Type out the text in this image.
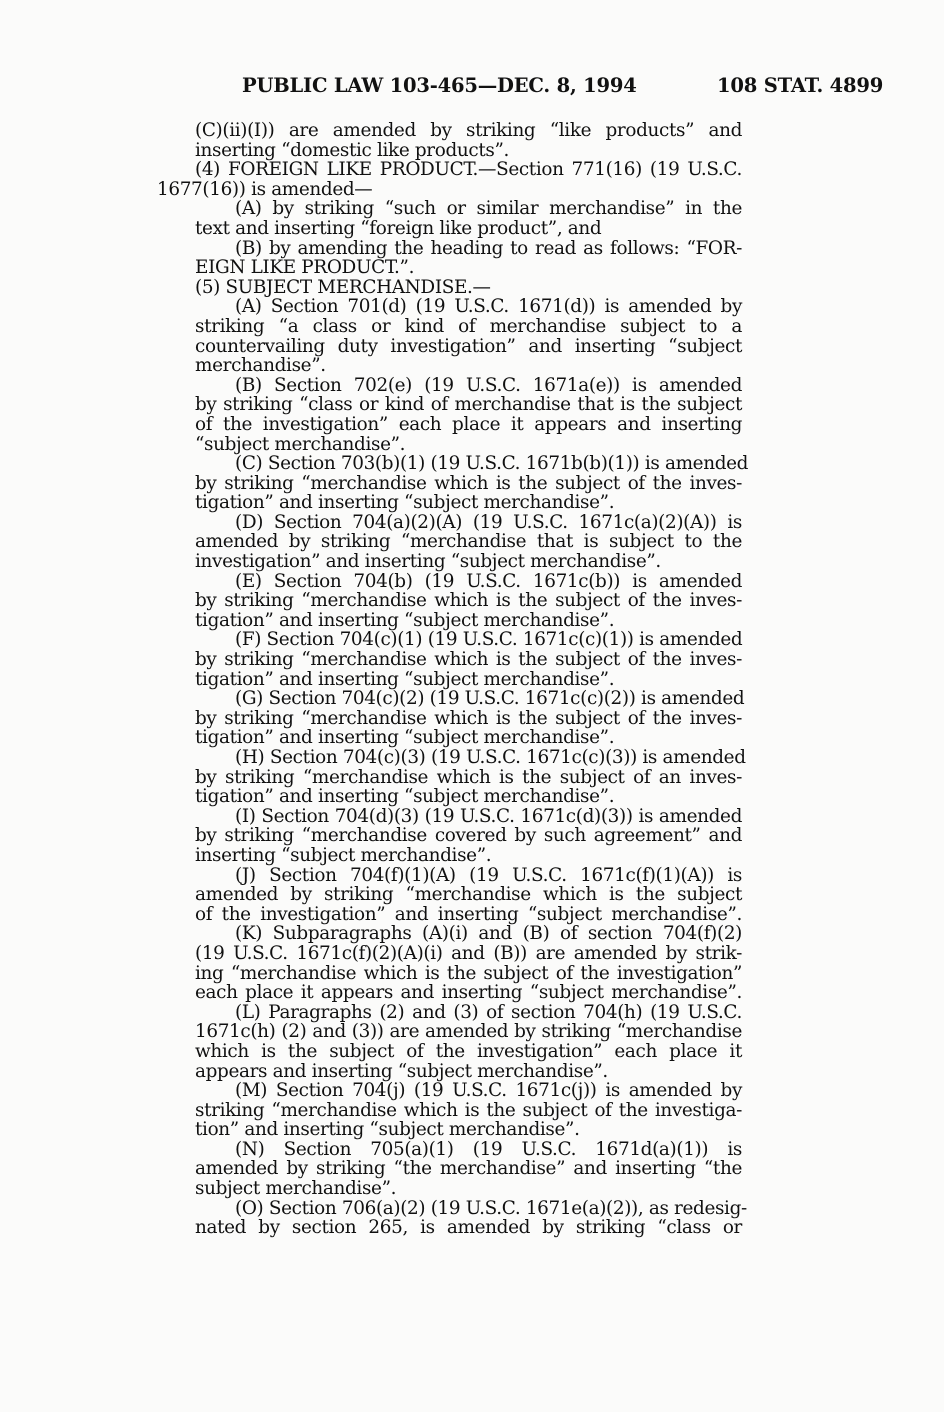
PUBLIC LAW 103-465—DEC. 8, 1994	108 STAT. 4899
(C)(ii)(I)) are amended by striking “like products” and
inserting “domestic like products”.
(4) FOREIGN LIKE PRODUCT.—Section 771(16) (19 U.S.C.
1677(16)) is amended—
(A) by striking “such or similar merchandise” in the
text and inserting “foreign like product”, and
(B) by amending the heading to read as follows: “FOR-
EIGN LIKE PRODUCT.”.
(5) SUBJECT MERCHANDISE.—
(A) Section 701(d) (19 U.S.C. 1671(d)) is amended by
striking “a class or kind of merchandise subject to a
countervailing duty investigation” and inserting “subject
merchandise”.
(B) Section 702(e) (19 U.S.C. 1671a(e)) is amended
by striking “class or kind of merchandise that is the subject
of the investigation” each place it appears and inserting
“subject merchandise”.
(C) Section 703(b)(1) (19 U.S.C. 1671b(b)(1)) is amended
by striking “merchandise which is the subject of the inves-
tigation” and inserting “subject merchandise”.
(D) Section 704(a)(2)(A) (19 U.S.C. 1671c(a)(2)(A)) is
amended by striking “merchandise that is subject to the
investigation” and inserting “subject merchandise”.
(E) Section 704(b) (19 U.S.C. 1671c(b)) is amended
by striking “merchandise which is the subject of the inves-
tigation” and inserting “subject merchandise”.
(F) Section 704(c)(1) (19 U.S.C. 1671c(c)(1)) is amended
by striking “merchandise which is the subject of the inves-
tigation” and inserting “subject merchandise”.
(G) Section 704(c)(2) (19 U.S.C. 1671c(c)(2)) is amended
by striking “merchandise which is the subject of the inves-
tigation” and inserting “subject merchandise”.
(H) Section 704(c)(3) (19 U.S.C. 1671c(c)(3)) is amended
by striking “merchandise which is the subject of an inves-
tigation” and inserting “subject merchandise”.
(I) Section 704(d)(3) (19 U.S.C. 1671c(d)(3)) is amended
by striking “merchandise covered by such agreement” and
inserting “subject merchandise”.
(J) Section 704(f)(1)(A) (19 U.S.C. 1671c(f)(1)(A)) is
amended by striking “merchandise which is the subject
of the investigation” and inserting “subject merchandise”.
(K) Subparagraphs (A)(i) and (B) of section 704(f)(2)
(19 U.S.C. 1671c(f)(2)(A)(i) and (B)) are amended by strik-
ing “merchandise which is the subject of the investigation”
each place it appears and inserting “subject merchandise”.
(L) Paragraphs (2) and (3) of section 704(h) (19 U.S.C.
1671c(h) (2) and (3)) are amended by striking “merchandise
which is the subject of the investigation” each place it
appears and inserting “subject merchandise”.
(M) Section 704(j) (19 U.S.C. 1671c(j)) is amended by
striking “merchandise which is the subject of the investiga-
tion” and inserting “subject merchandise”.
(N) Section 705(a)(1) (19 U.S.C. 1671d(a)(1)) is
amended by striking “the merchandise” and inserting “the
subject merchandise”.
(O) Section 706(a)(2) (19 U.S.C. 1671e(a)(2)), as redesig-
nated by section 265, is amended by striking “class or
